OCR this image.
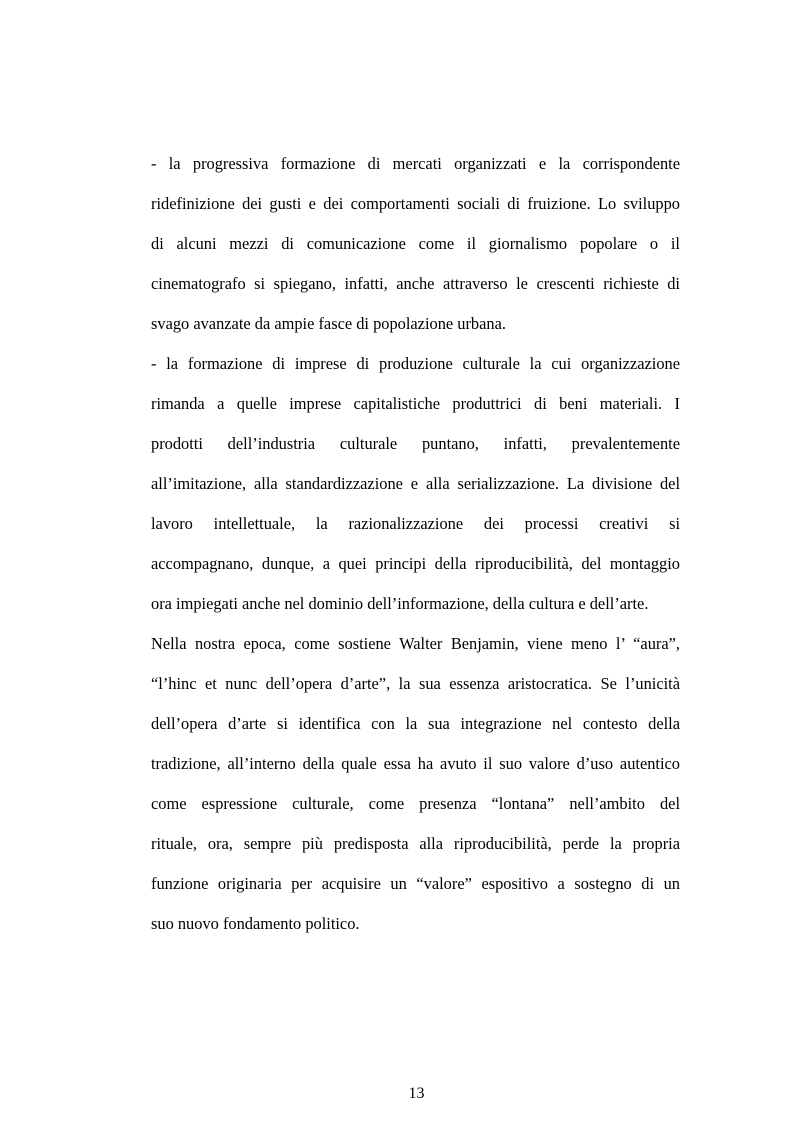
- la progressiva formazione di mercati organizzati e la corrispondente
ridefinizione dei gusti e dei comportamenti sociali di fruizione. Lo sviluppo
di alcuni mezzi di comunicazione come il giornalismo popolare o il
cinematografo si spiegano, infatti, anche attraverso le crescenti richieste di
svago avanzate da ampie fasce di popolazione urbana.
- la formazione di imprese di produzione culturale la cui organizzazione
rimanda a quelle imprese capitalistiche produttrici di beni materiali. I
prodotti dell’industria culturale puntano, infatti, prevalentemente
all’imitazione, alla standardizzazione e alla serializzazione. La divisione del
lavoro intellettuale, la razionalizzazione dei processi creativi si
accompagnano, dunque, a quei principi della riproducibilità, del montaggio
ora impiegati anche nel dominio dell’informazione, della cultura e dell’arte.
Nella nostra epoca, come sostiene Walter Benjamin, viene meno l’ “aura”,
“l’hinc et nunc dell’opera d’arte”, la sua essenza aristocratica. Se l’unicità
dell’opera d’arte si identifica con la sua integrazione nel contesto della
tradizione, all’interno della quale essa ha avuto il suo valore d’uso autentico
come espressione culturale, come presenza “lontana” nell’ambito del
rituale, ora, sempre più predisposta alla riproducibilità, perde la propria
funzione originaria per acquisire un “valore” espositivo a sostegno di un
suo nuovo fondamento politico.
13
